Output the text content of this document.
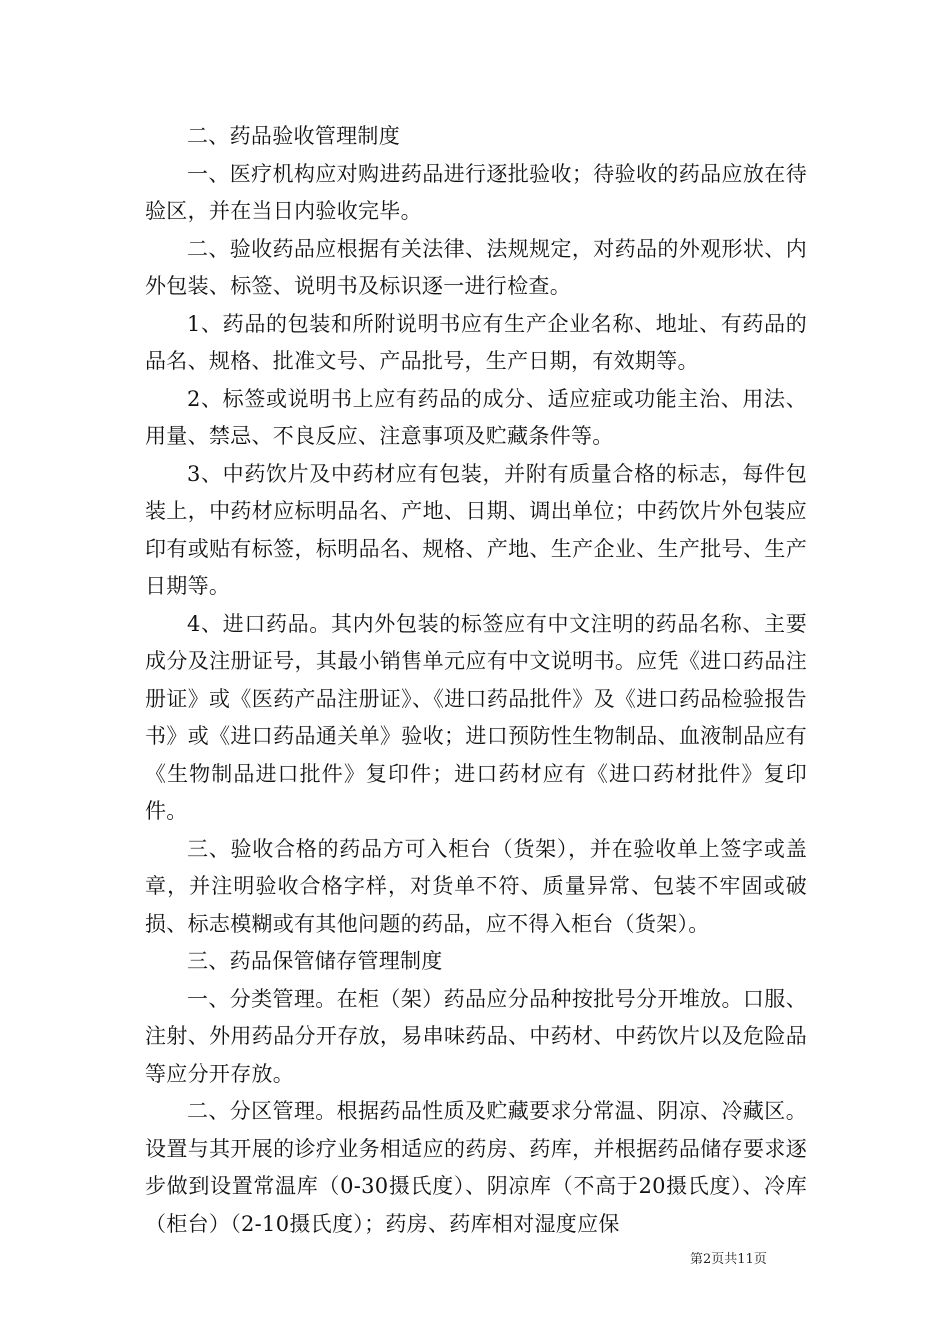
二、药品验收管理制度

一、医疗机构应对购进药品进行逐批验收；待验收的药品应放在待验区，并在当日内验收完毕。

二、验收药品应根据有关法律、法规规定，对药品的外观形状、内外包装、标签、说明书及标识逐一进行检查。

1、药品的包装和所附说明书应有生产企业名称、地址、有药品的品名、规格、批准文号、产品批号，生产日期，有效期等。

2、标签或说明书上应有药品的成分、适应症或功能主治、用法、用量、禁忌、不良反应、注意事项及贮藏条件等。

3、中药饮片及中药材应有包装，并附有质量合格的标志，每件包装上，中药材应标明品名、产地、日期、调出单位；中药饮片外包装应印有或贴有标签，标明品名、规格、产地、生产企业、生产批号、生产日期等。

4、进口药品。其内外包装的标签应有中文注明的药品名称、主要成分及注册证号，其最小销售单元应有中文说明书。应凭《进口药品注册证》或《医药产品注册证》、《进口药品批件》及《进口药品检验报告书》或《进口药品通关单》验收；进口预防性生物制品、血液制品应有《生物制品进口批件》复印件；进口药材应有《进口药材批件》复印件。

三、验收合格的药品方可入柜台（货架），并在验收单上签字或盖章，并注明验收合格字样，对货单不符、质量异常、包装不牢固或破损、标志模糊或有其他问题的药品，应不得入柜台（货架）。

三、药品保管储存管理制度

一、分类管理。在柜（架）药品应分品种按批号分开堆放。口服、注射、外用药品分开存放，易串味药品、中药材、中药饮片以及危险品等应分开存放。

二、分区管理。根据药品性质及贮藏要求分常温、阴凉、冷藏区。设置与其开展的诊疗业务相适应的药房、药库，并根据药品储存要求逐步做到设置常温库（0-30摄氏度）、阴凉库（不高于20摄氏度）、冷库（柜台）（2-10摄氏度）；药房、药库相对湿度应保

第2页共11页
